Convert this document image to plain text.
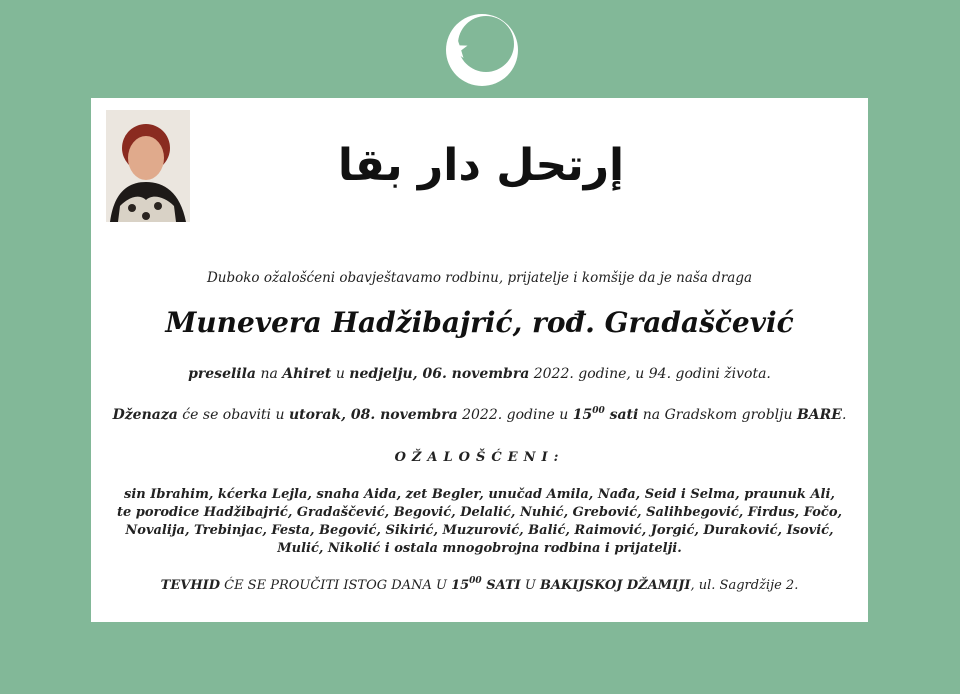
إرتحل دار بقا
Duboko ožalošćeni obavještavamo rodbinu, prijatelje i komšije da je naša draga
Munevera Hadžibajrić, rođ. Gradaščević
preselila na Ahiret u nedjelju, 06. novembra 2022. godine, u 94. godini života.
Dženaza će se obaviti u utorak, 08. novembra 2022. godine u $15^{00}$ sati na Gradskom groblju BARE.
OŽALOŠĆENI:
sin Ibrahim, kćerka Lejla, snaha Aida, zet Begler, unučad Amila, Nađa, Seid i Selma, praunuk Ali, te porodice Hadžibajrić, Gradaščević, Begović, Delalić, Nuhić, Grebović, Salihbegović, Firdus, Fočo, Novalija, Trebinjac, Festa, Begović, Sikirić, Muzurović, Balić, Raimović, Jorgić, Duraković, Isović, Mulić, Nikolić i ostala mnogobrojna rodbina i prijatelji.
TEVHID ĆE SE PROUČITI ISTOG DANA U $15^{00}$ SATI U BAKIJSKOJ DŽAMIJI, ul. Sagrdžije 2.
